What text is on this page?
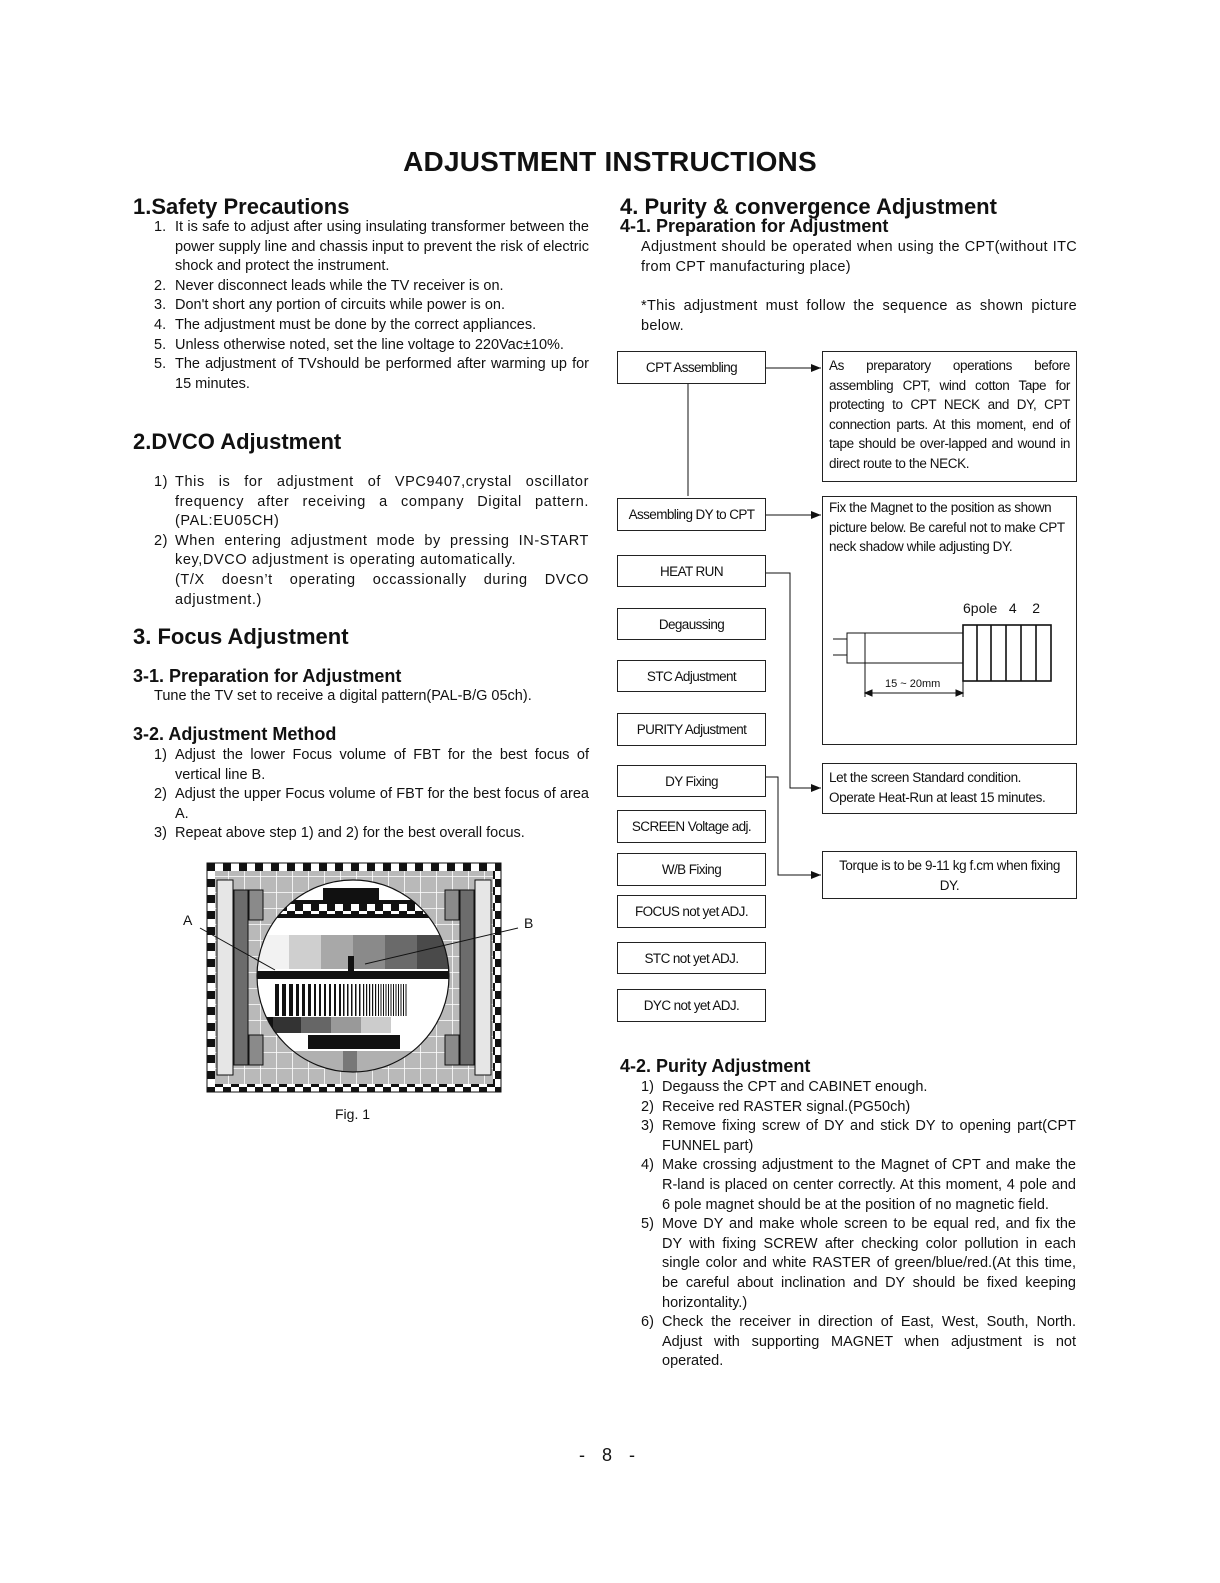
ADJUSTMENT INSTRUCTIONS
1.Safety Precautions
1. It is safe to adjust after using insulating transformer between the power supply line and chassis input to prevent the risk of electric shock and protect the instrument.
2. Never disconnect leads while the TV receiver is on.
3. Don't short any portion of circuits while power is on.
4. The adjustment must be done by the correct appliances.
5. Unless otherwise noted, set the line voltage to 220Vac±10%.
5. The adjustment of TVshould be performed after warming up for 15 minutes.
2.DVCO Adjustment
1) This is for adjustment of VPC9407,crystal oscillator frequency after receiving a company Digital pattern. (PAL:EU05CH)
2) When entering adjustment mode by pressing IN-START key,DVCO adjustment is operating automatically.
(T/X doesn’t operating occassionally during DVCO adjustment.)
3. Focus Adjustment
3-1. Preparation for Adjustment
Tune the TV set to receive a digital pattern(PAL-B/G 05ch).
3-2. Adjustment Method
1) Adjust the lower Focus volume of FBT for the best focus of vertical line B.
2) Adjust the upper Focus volume of FBT for the best focus of area A.
3) Repeat above step 1) and 2) for the best overall focus.
A	B
Fig. 1
4. Purity & convergence Adjustment
4-1. Preparation for Adjustment
Adjustment should be operated when using the CPT(without ITC from CPT manufacturing place)
*This adjustment must follow the sequence as shown picture below.
CPT Assembling
Assembling DY to CPT
HEAT RUN
Degaussing
STC Adjustment
PURITY Adjustment
DY Fixing
SCREEN Voltage adj.
W/B Fixing
FOCUS not yet ADJ.
STC not yet ADJ.
DYC not yet ADJ.
As preparatory operations before assembling CPT, wind cotton Tape for protecting to CPT NECK and DY, CPT connection parts. At this moment, end of tape should be over-lapped and wound in direct route to the NECK.
Fix the Magnet to the position as shown picture below. Be careful not to make CPT neck shadow while adjusting DY.
6pole   4    2
15 ~ 20mm
Let the screen Standard condition. Operate Heat-Run at least 15 minutes.
Torque is to be 9-11 kg f.cm when fixing DY.
4-2. Purity Adjustment
1) Degauss the CPT and CABINET enough.
2) Receive red RASTER signal.(PG50ch)
3) Remove fixing screw of DY and stick DY to opening part(CPT FUNNEL part)
4) Make crossing adjustment to the Magnet of CPT and make the R-land is placed on center correctly. At this moment, 4 pole and 6 pole magnet should be at the position of no magnetic field.
5) Move DY and make whole screen to be equal red, and fix the DY with fixing SCREW after checking color pollution in each single color and white RASTER of green/blue/red.(At this time, be careful about inclination and DY should be fixed keeping horizontality.)
6) Check the receiver in direction of East, West, South, North. Adjust with supporting MAGNET when adjustment is not operated.
- 8 -
